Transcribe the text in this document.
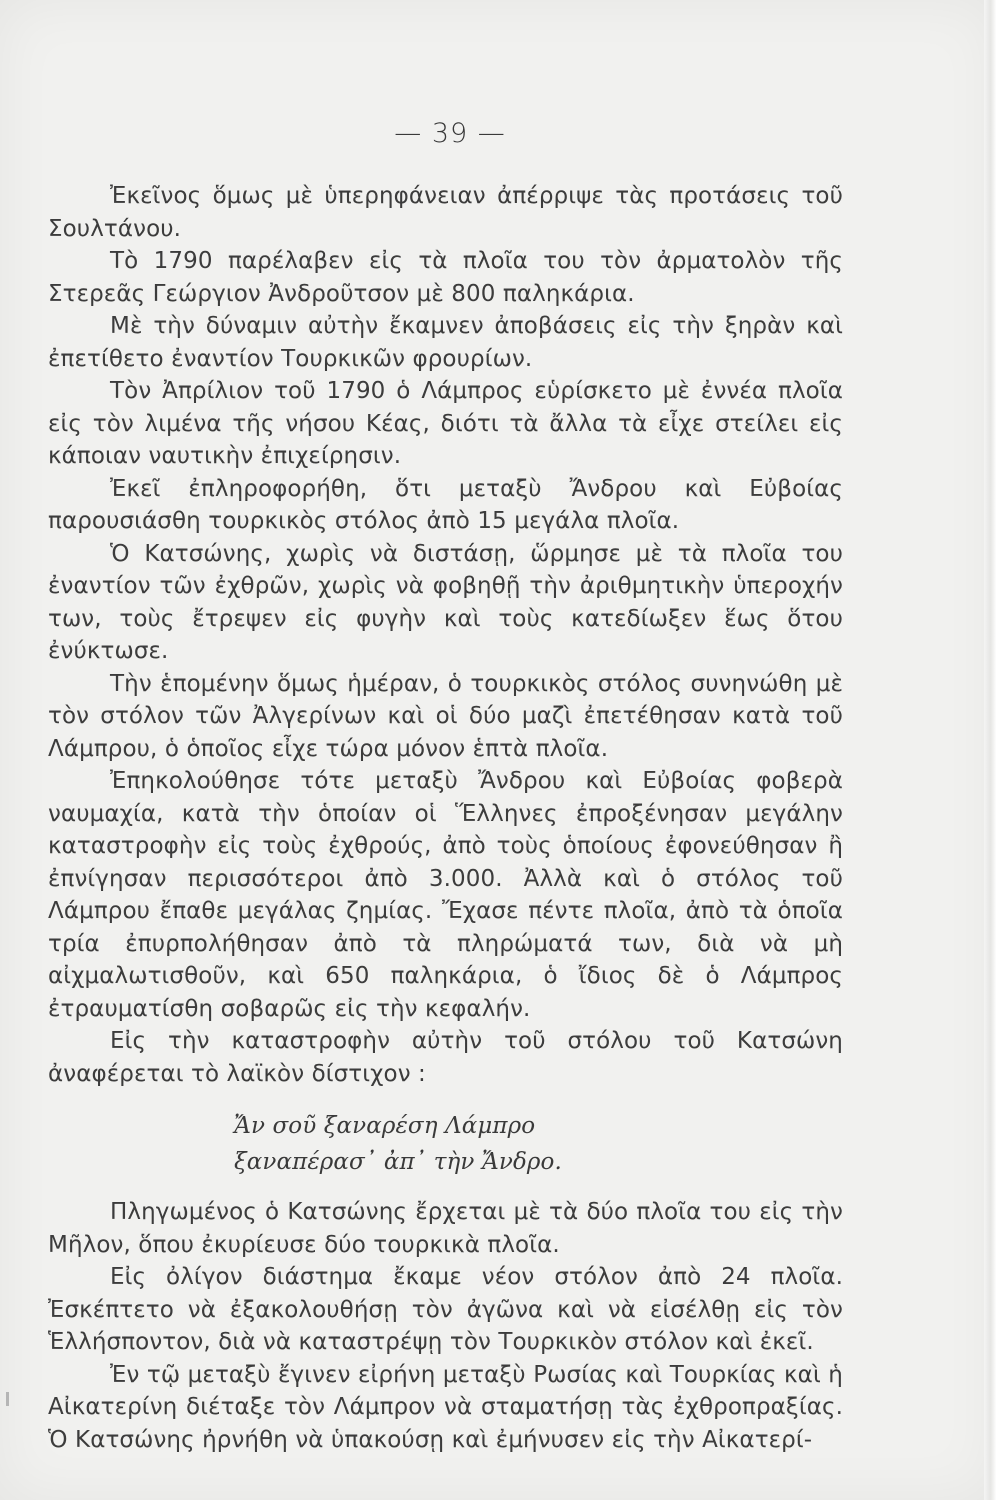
— 39 —

Ἐκεῖνος ὅμως μὲ ὑπερηφάνειαν ἀπέρριψε τὰς προτάσεις τοῦ Σουλτάνου.

Τὸ 1790 παρέλαβεν εἰς τὰ πλοῖα του τὸν ἀρματολὸν τῆς Στερεᾶς Γεώργιον Ἀνδροῦτσον μὲ 800 παληκάρια.

Μὲ τὴν δύναμιν αὐτὴν ἔκαμνεν ἀποβάσεις εἰς τὴν ξηρὰν καὶ ἐπετίθετο ἐναντίον Τουρκικῶν φρουρίων.

Τὸν Ἀπρίλιον τοῦ 1790 ὁ Λάμπρος εὑρίσκετο μὲ ἐννέα πλοῖα εἰς τὸν λιμένα τῆς νήσου Κέας, διότι τὰ ἄλλα τὰ εἶχε στείλει εἰς κάποιαν ναυτικὴν ἐπιχείρησιν.

Ἐκεῖ ἐπληροφορήθη, ὅτι μεταξὺ Ἄνδρου καὶ Εὐβοίας παρουσιάσθη τουρκικὸς στόλος ἀπὸ 15 μεγάλα πλοῖα.

Ὁ Κατσώνης, χωρὶς νὰ διστάσῃ, ὥρμησε μὲ τὰ πλοῖα του ἐναντίον τῶν ἐχθρῶν, χωρὶς νὰ φοβηθῇ τὴν ἀριθμητικὴν ὑπεροχήν των, τοὺς ἔτρεψεν εἰς φυγὴν καὶ τοὺς κατεδίωξεν ἕως ὅτου ἐνύκτωσε.

Τὴν ἑπομένην ὅμως ἡμέραν, ὁ τουρκικὸς στόλος συνηνώθη μὲ τὸν στόλον τῶν Ἀλγερίνων καὶ οἱ δύο μαζὶ ἐπετέθησαν κατὰ τοῦ Λάμπρου, ὁ ὁποῖος εἶχε τώρα μόνον ἑπτὰ πλοῖα.

Ἐπηκολούθησε τότε μεταξὺ Ἄνδρου καὶ Εὐβοίας φοβερὰ ναυμαχία, κατὰ τὴν ὁποίαν οἱ Ἕλληνες ἐπροξένησαν μεγάλην καταστροφὴν εἰς τοὺς ἐχθρούς, ἀπὸ τοὺς ὁποίους ἐφονεύθησαν ἢ ἐπνίγησαν περισσότεροι ἀπὸ 3.000. Ἀλλὰ καὶ ὁ στόλος τοῦ Λάμπρου ἔπαθε μεγάλας ζημίας. Ἔχασε πέντε πλοῖα, ἀπὸ τὰ ὁποῖα τρία ἐπυρπολήθησαν ἀπὸ τὰ πληρώματά των, διὰ νὰ μὴ αἰχμαλωτισθοῦν, καὶ 650 παληκάρια, ὁ ἴδιος δὲ ὁ Λάμπρος ἐτραυματίσθη σοβαρῶς εἰς τὴν κεφαλήν.

Εἰς τὴν καταστροφὴν αὐτὴν τοῦ στόλου τοῦ Κατσώνη ἀναφέρεται τὸ λαϊκὸν δίστιχον :

Ἄν σοῦ ξαναρέση Λάμπρο
ξαναπέρασ᾽ ἀπ᾽ τὴν Ἄνδρο.

Πληγωμένος ὁ Κατσώνης ἔρχεται μὲ τὰ δύο πλοῖα του εἰς τὴν Μῆλον, ὅπου ἐκυρίευσε δύο τουρκικὰ πλοῖα.

Εἰς ὀλίγον διάστημα ἔκαμε νέον στόλον ἀπὸ 24 πλοῖα. Ἐσκέπτετο νὰ ἐξακολουθήσῃ τὸν ἀγῶνα καὶ νὰ εἰσέλθῃ εἰς τὸν Ἑλλήσποντον, διὰ νὰ καταστρέψῃ τὸν Τουρκικὸν στόλον καὶ ἐκεῖ.

Ἐν τῷ μεταξὺ ἔγινεν εἰρήνη μεταξὺ Ρωσίας καὶ Τουρκίας καὶ ἡ Αἰκατερίνη διέταξε τὸν Λάμπρον νὰ σταματήσῃ τὰς ἐχθροπραξίας. Ὁ Κατσώνης ἠρνήθη νὰ ὑπακούσῃ καὶ ἐμήνυσεν εἰς τὴν Αἰκατερί-
